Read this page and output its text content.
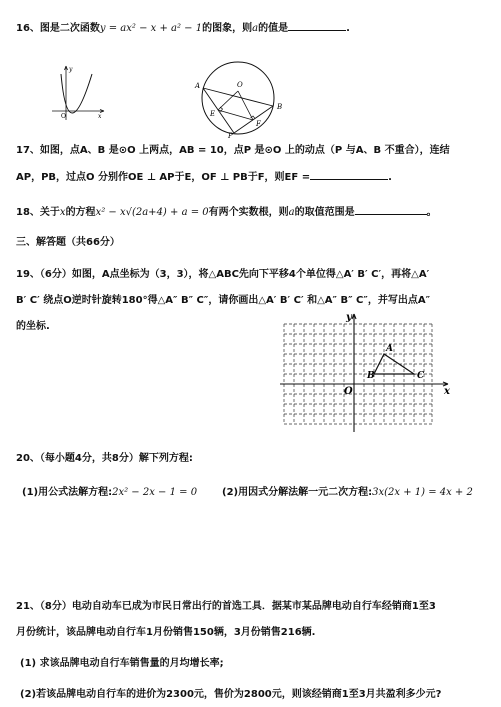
16、图是二次函数y = ax² − x + a² − 1的图象，则a的值是	.
y
x
O
A
B
O
E
F
P
17、如图，点A、B 是⊙O 上两点，AB = 10，点P 是⊙O 上的动点（P 与A、B 不重合），连结
AP，PB，过点O 分别作OE ⊥ AP于E，OF ⊥ PB于F，则EF =	.
18、关于x的方程x² − x√(2a+4) + a = 0有两个实数根，则a的取值范围是	。
三、解答题（共66分）
19、（6分）如图，A点坐标为（3，3），将△ABC先向下平移4个单位得△A′ B′ C′，再将△A′
B′ C′ 绕点O逆时针旋转180°得△A″ B″ C″，请你画出△A′ B′ C′ 和△A″ B″ C″，并写出点A″
的坐标.
y
x
O
A
B	C
20、（每小题4分，共8分）解下列方程:
(1)用公式法解方程:2x² − 2x − 1 = 0 (2)用因式分解法解一元二次方程:3x(2x + 1) = 4x + 2
21、（8分）电动自动车已成为市民日常出行的首选工具．据某市某品牌电动自行车经销商1至3
月份统计，该品牌电动自行车1月份销售150辆，3月份销售216辆.
(1) 求该品牌电动自行车销售量的月均增长率;
(2)若该品牌电动自行车的进价为2300元，售价为2800元，则该经销商1至3月共盈利多少元?
